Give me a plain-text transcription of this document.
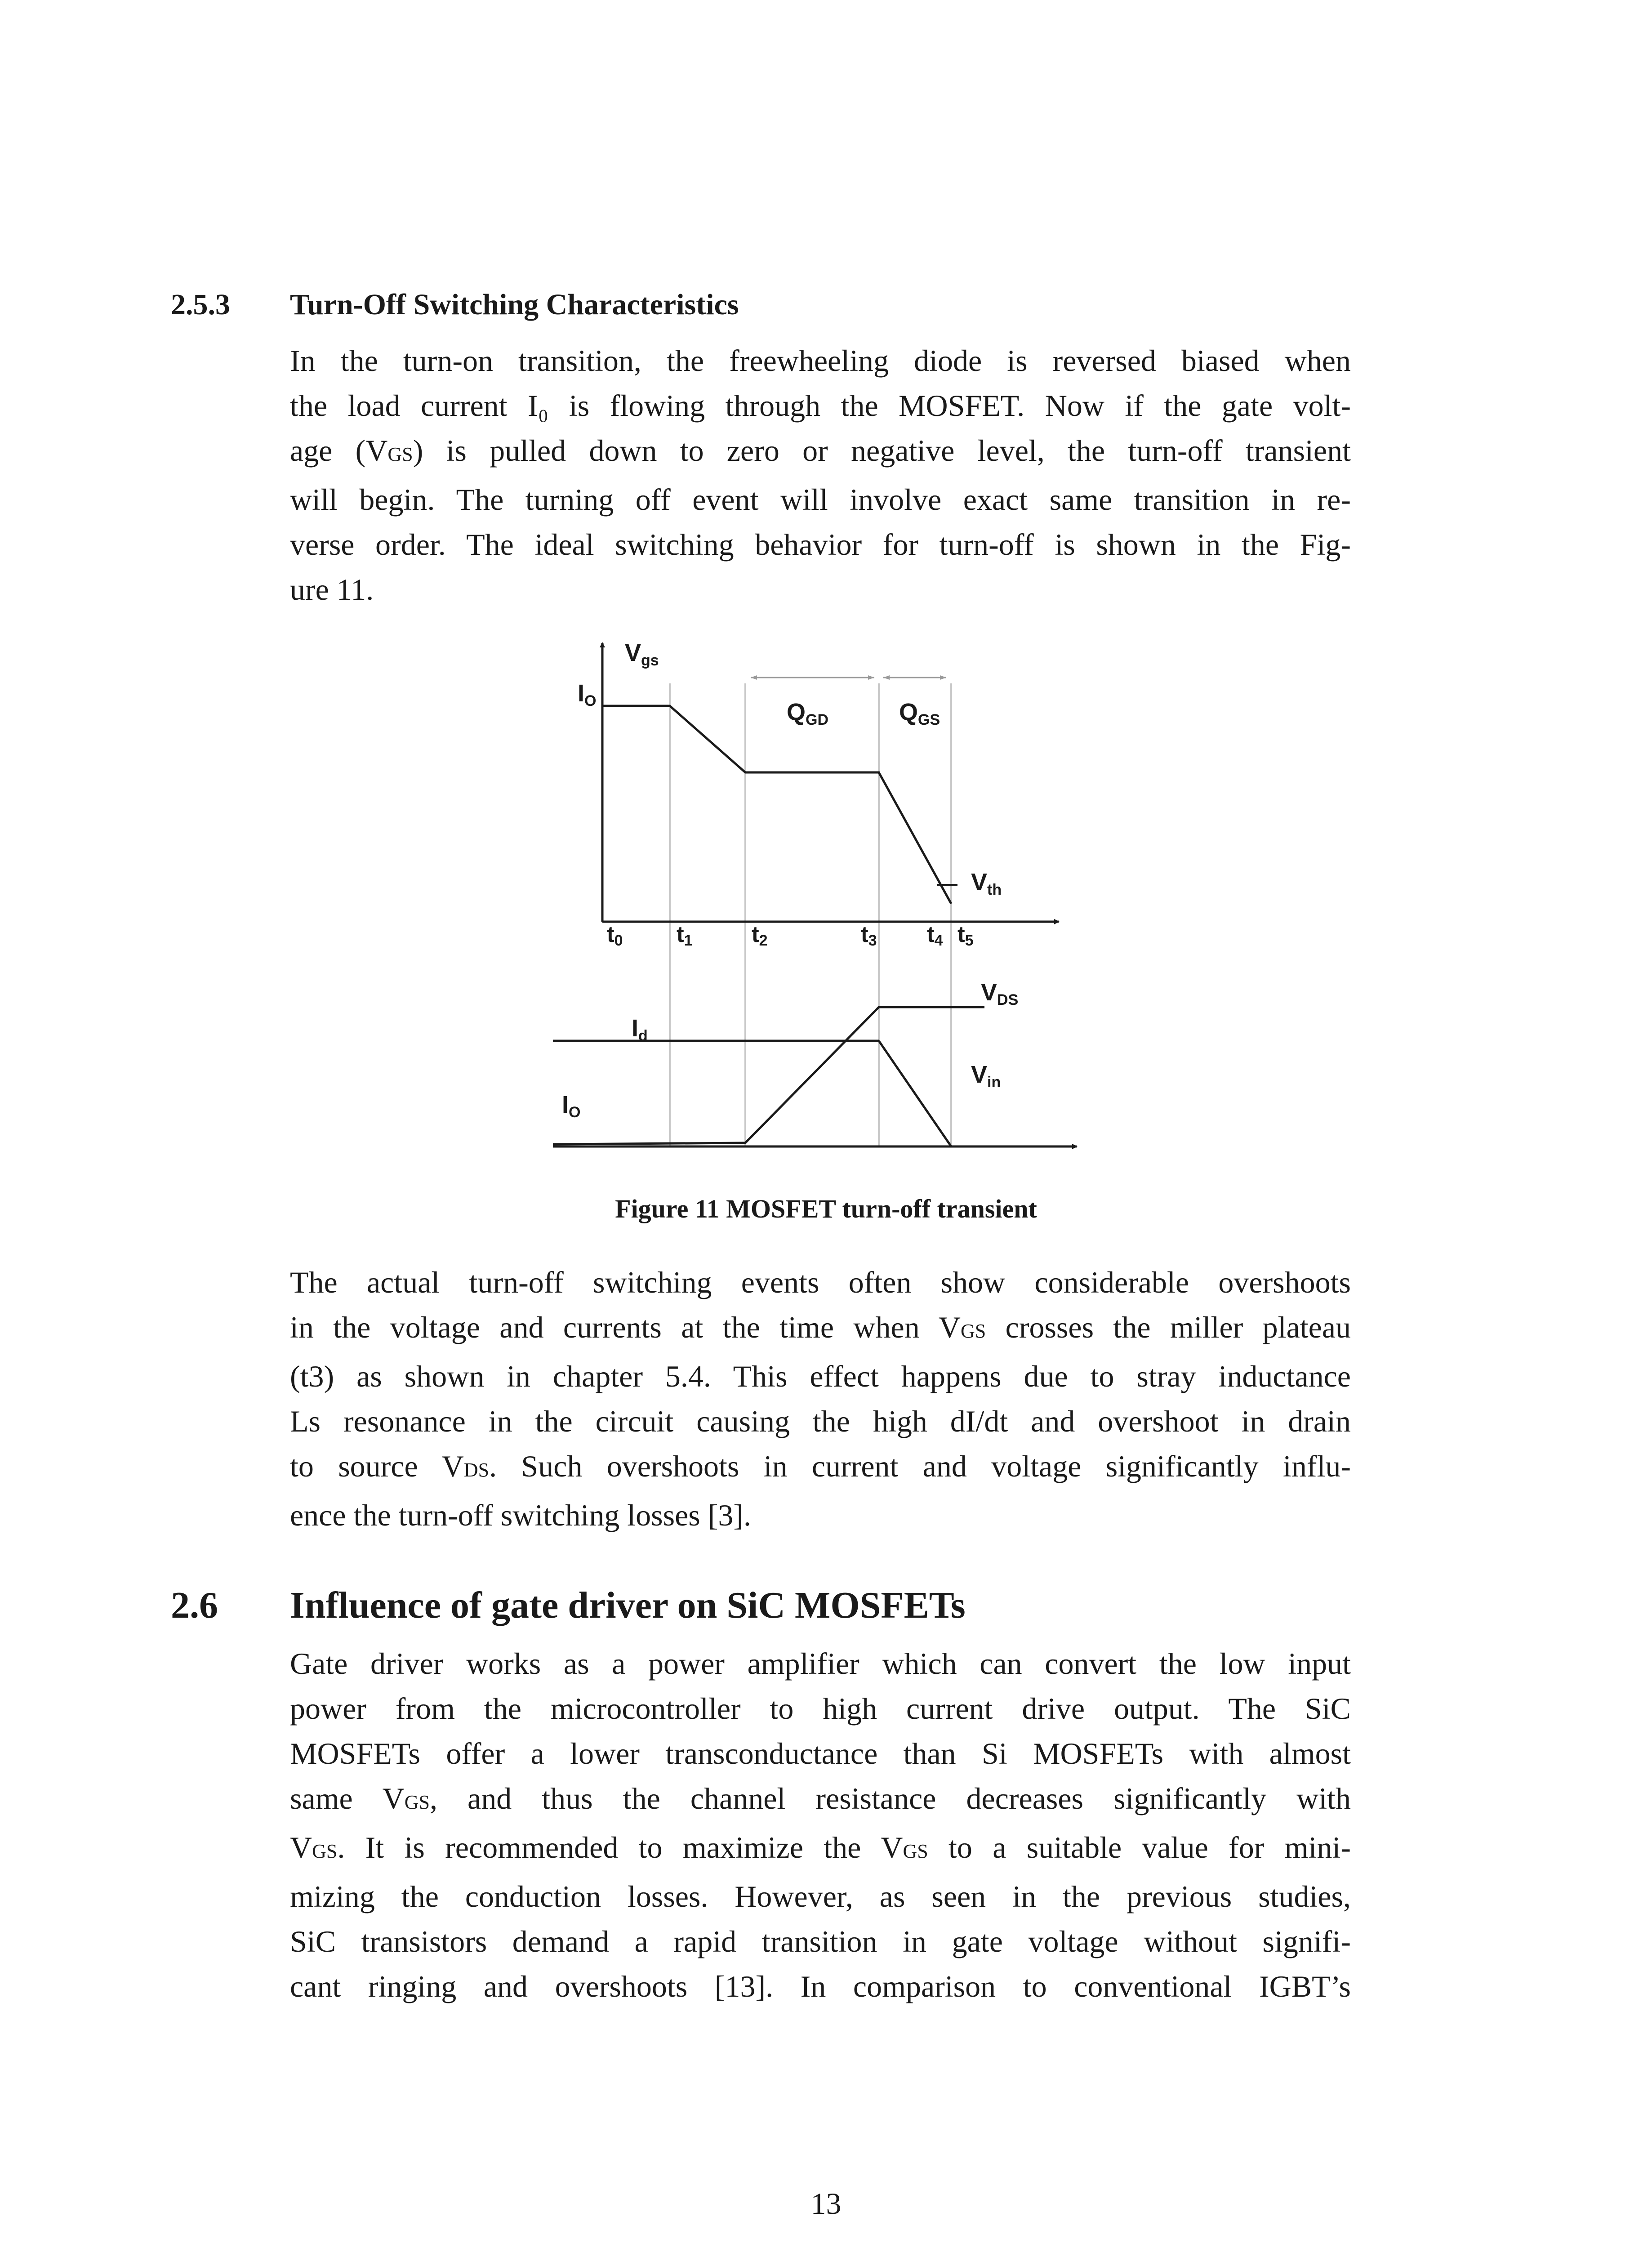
2.5.3 Turn-Off Switching Characteristics
In the turn-on transition, the freewheeling diode is reversed biased when
the load current I₀ is flowing through the MOSFET. Now if the gate volt-
age (VGS) is pulled down to zero or negative level, the turn-off transient
will begin. The turning off event will involve exact same transition in re-
verse order. The ideal switching behavior for turn-off is shown in the Fig-
ure 11.
Vgs
IO	QGD	QGS
Vth
t0 t1	t2	t3 t4 t5
VDS
Id
Vin
IO
Figure 11 MOSFET turn-off transient
The actual turn-off switching events often show considerable overshoots
in the voltage and currents at the time when VGS crosses the miller plateau
(t3) as shown in chapter 5.4. This effect happens due to stray inductance
Ls resonance in the circuit causing the high dI/dt and overshoot in drain
to source VDS. Such overshoots in current and voltage significantly influ-
ence the turn-off switching losses [3].
2.6 Influence of gate driver on SiC MOSFETs
Gate driver works as a power amplifier which can convert the low input
power from the microcontroller to high current drive output. The SiC
MOSFETs offer a lower transconductance than Si MOSFETs with almost
same VGS, and thus the channel resistance decreases significantly with
VGS. It is recommended to maximize the VGS to a suitable value for mini-
mizing the conduction losses. However, as seen in the previous studies,
SiC transistors demand a rapid transition in gate voltage without signifi-
cant ringing and overshoots [13]. In comparison to conventional IGBT’s
13
